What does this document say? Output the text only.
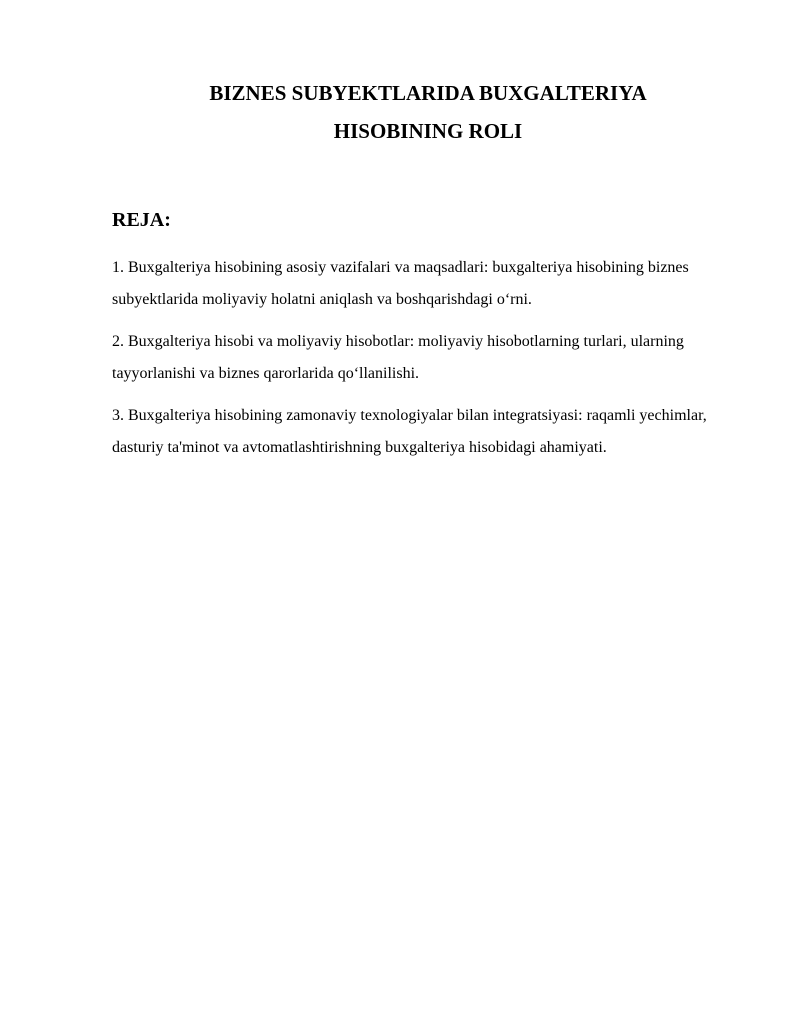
BIZNES SUBYEKTLARIDA BUXGALTERIYA
HISOBINING ROLI
REJA:
1. Buxgalteriya hisobining asosiy vazifalari va maqsadlari: buxgalteriya hisobining biznes subyektlarida moliyaviy holatni aniqlash va boshqarishdagi o‘rni.
2. Buxgalteriya hisobi va moliyaviy hisobotlar: moliyaviy hisobotlarning turlari, ularning tayyorlanishi va biznes qarorlarida qo‘llanilishi.
3. Buxgalteriya hisobining zamonaviy texnologiyalar bilan integratsiyasi: raqamli yechimlar, dasturiy ta'minot va avtomatlashtirishning buxgalteriya hisobidagi ahamiyati.
